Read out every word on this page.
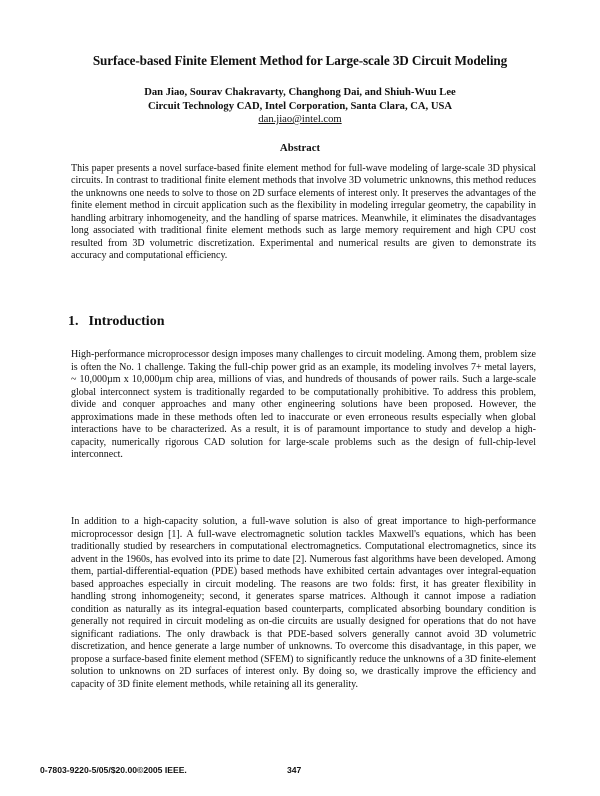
Surface-based Finite Element Method for Large-scale 3D Circuit Modeling
Dan Jiao, Sourav Chakravarty, Changhong Dai, and Shiuh-Wuu Lee
Circuit Technology CAD, Intel Corporation, Santa Clara, CA, USA
dan.jiao@intel.com
Abstract

This paper presents a novel surface-based finite element method for full-wave modeling of large-scale 3D physical circuits. In contrast to traditional finite element methods that involve 3D volumetric unknowns, this method reduces the unknowns one needs to solve to those on 2D surface elements of interest only. It preserves the advantages of the finite element method in circuit application such as the flexibility in modeling irregular geometry, the capability in handling arbitrary inhomogeneity, and the handling of sparse matrices. Meanwhile, it eliminates the disadvantages long associated with traditional finite element methods such as large memory requirement and high CPU cost resulted from 3D volumetric discretization. Experimental and numerical results are given to demonstrate its accuracy and computational efficiency.

1. Introduction

High-performance microprocessor design imposes many challenges to circuit modeling. Among them, problem size is often the No. 1 challenge. Taking the full-chip power grid as an example, its modeling involves 7+ metal layers, ~ 10,000µm x 10,000µm chip area, millions of vias, and hundreds of thousands of power rails. Such a large-scale global interconnect system is traditionally regarded to be computationally prohibitive. To address this problem, divide and conquer approaches and many other engineering solutions have been proposed. However, the approximations made in these methods often led to inaccurate or even erroneous results especially when global interactions have to be characterized. As a result, it is of paramount importance to study and develop a high-capacity, numerically rigorous CAD solution for large-scale problems such as the design of full-chip-level interconnect.

In addition to a high-capacity solution, a full-wave solution is also of great importance to high-performance microprocessor design [1]. A full-wave electromagnetic solution tackles Maxwell's equations, which has been traditionally studied by researchers in computational electromagnetics. Computational electromagnetics, since its advent in the 1960s, has evolved into its prime to date [2]. Numerous fast algorithms have been developed. Among them, partial-differential-equation (PDE) based methods have exhibited certain advantages over integral-equation based approaches especially in circuit modeling. The reasons are two folds: first, it has greater flexibility in handling strong inhomogeneity; second, it generates sparse matrices. Although it cannot impose a radiation condition as naturally as its integral-equation based counterparts, complicated absorbing boundary condition is generally not required in circuit modeling as on-die circuits are usually designed for operations that do not have significant radiations. The only drawback is that PDE-based solvers generally cannot avoid 3D volumetric discretization, and hence generate a large number of unknowns. To overcome this disadvantage, in this paper, we propose a surface-based finite element method (SFEM) to significantly reduce the unknowns of a 3D finite-element solution to unknowns on 2D surfaces of interest only. By doing so, we drastically improve the efficiency and capacity of 3D finite element methods, while retaining all its generality.

0-7803-9220-5/05/$20.00©2005 IEEE.	347
